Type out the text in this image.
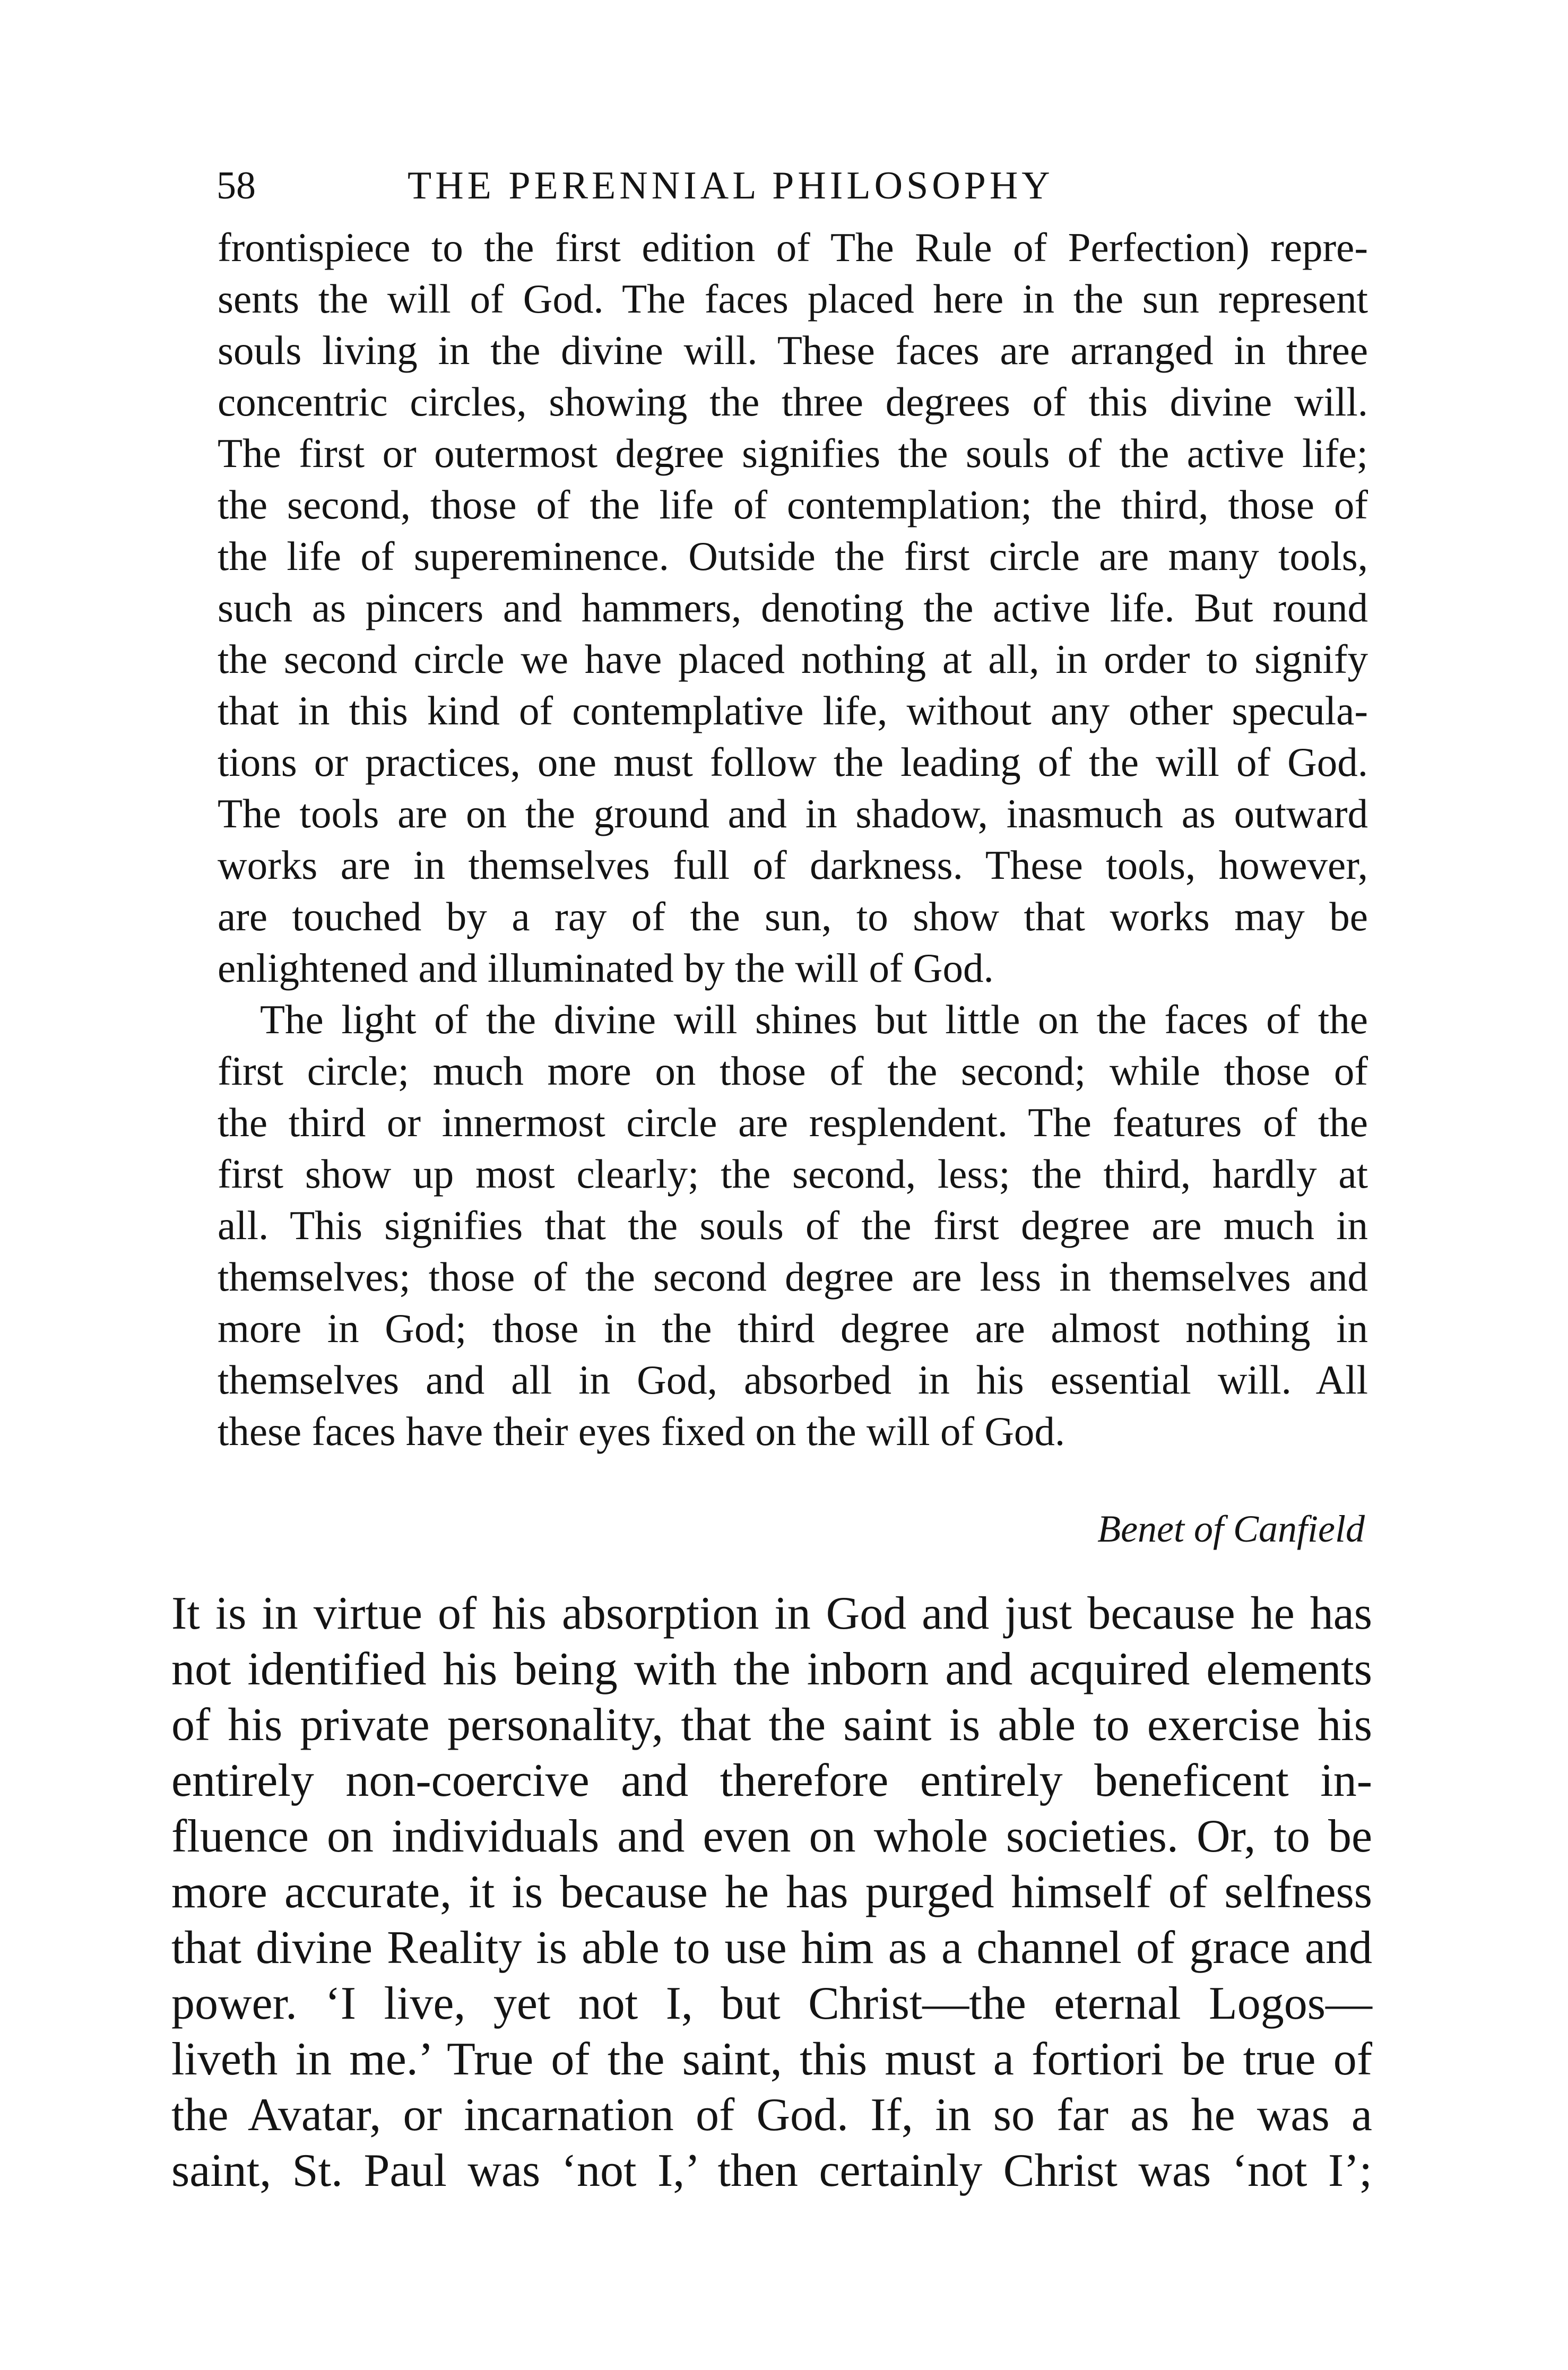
58	THE PERENNIAL PHILOSOPHY
frontispiece to the first edition of The Rule of Perfection) repre-
sents the will of God. The faces placed here in the sun represent
souls living in the divine will. These faces are arranged in three
concentric circles, showing the three degrees of this divine will.
The first or outermost degree signifies the souls of the active life;
the second, those of the life of contemplation; the third, those of
the life of supereminence. Outside the first circle are many tools,
such as pincers and hammers, denoting the active life. But round
the second circle we have placed nothing at all, in order to signify
that in this kind of contemplative life, without any other specula-
tions or practices, one must follow the leading of the will of God.
The tools are on the ground and in shadow, inasmuch as outward
works are in themselves full of darkness. These tools, however,
are touched by a ray of the sun, to show that works may be
enlightened and illuminated by the will of God.
The light of the divine will shines but little on the faces of the
first circle; much more on those of the second; while those of
the third or innermost circle are resplendent. The features of the
first show up most clearly; the second, less; the third, hardly at
all. This signifies that the souls of the first degree are much in
themselves; those of the second degree are less in themselves and
more in God; those in the third degree are almost nothing in
themselves and all in God, absorbed in his essential will. All
these faces have their eyes fixed on the will of God.
Benet of Canfield
It is in virtue of his absorption in God and just because he has
not identified his being with the inborn and acquired elements
of his private personality, that the saint is able to exercise his
entirely non-coercive and therefore entirely beneficent in-
fluence on individuals and even on whole societies. Or, to be
more accurate, it is because he has purged himself of selfness
that divine Reality is able to use him as a channel of grace and
power. ‘I live, yet not I, but Christ—the eternal Logos—
liveth in me.’ True of the saint, this must a fortiori be true of
the Avatar, or incarnation of God. If, in so far as he was a
saint, St. Paul was ‘not I,’ then certainly Christ was ‘not I’;
